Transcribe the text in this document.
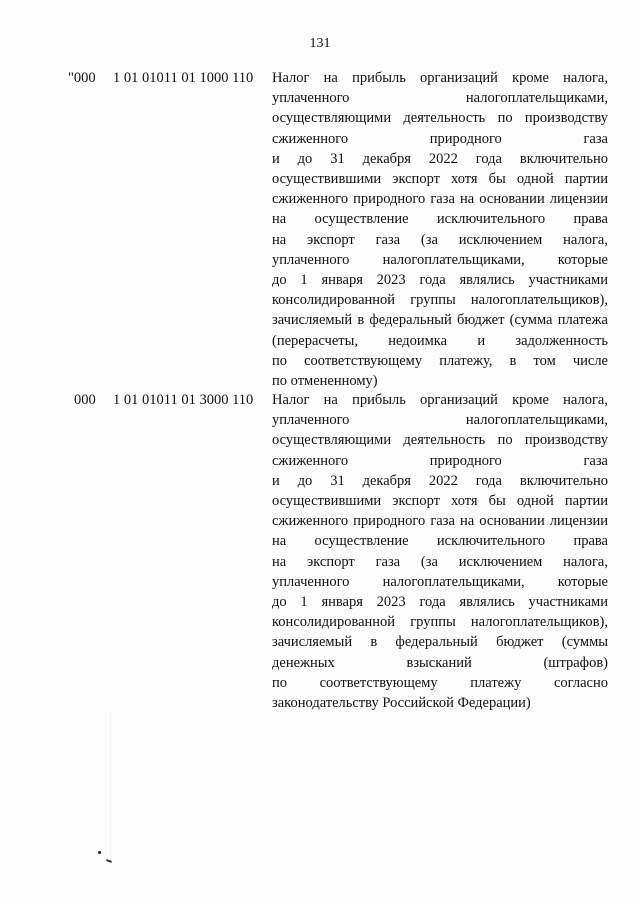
131
"000 1 01 01011 01 1000 110 Налог на прибыль организаций кроме налога,
уплаченного налогоплательщиками,
осуществляющими деятельность по производству
сжиженного природного газа
и до 31 декабря 2022 года включительно
осуществившими экспорт хотя бы одной партии
сжиженного природного газа на основании лицензии
на осуществление исключительного права
на экспорт газа (за исключением налога,
уплаченного налогоплательщиками, которые
до 1 января 2023 года являлись участниками
консолидированной группы налогоплательщиков),
зачисляемый в федеральный бюджет (сумма платежа
(перерасчеты, недоимка и задолженность
по соответствующему платежу, в том числе
по отмененному)
000 1 01 01011 01 3000 110 Налог на прибыль организаций кроме налога,
уплаченного налогоплательщиками,
осуществляющими деятельность по производству
сжиженного природного газа
и до 31 декабря 2022 года включительно
осуществившими экспорт хотя бы одной партии
сжиженного природного газа на основании лицензии
на осуществление исключительного права
на экспорт газа (за исключением налога,
уплаченного налогоплательщиками, которые
до 1 января 2023 года являлись участниками
консолидированной группы налогоплательщиков),
зачисляемый в федеральный бюджет (суммы
денежных взысканий (штрафов)
по соответствующему платежу согласно
законодательству Российской Федерации)
